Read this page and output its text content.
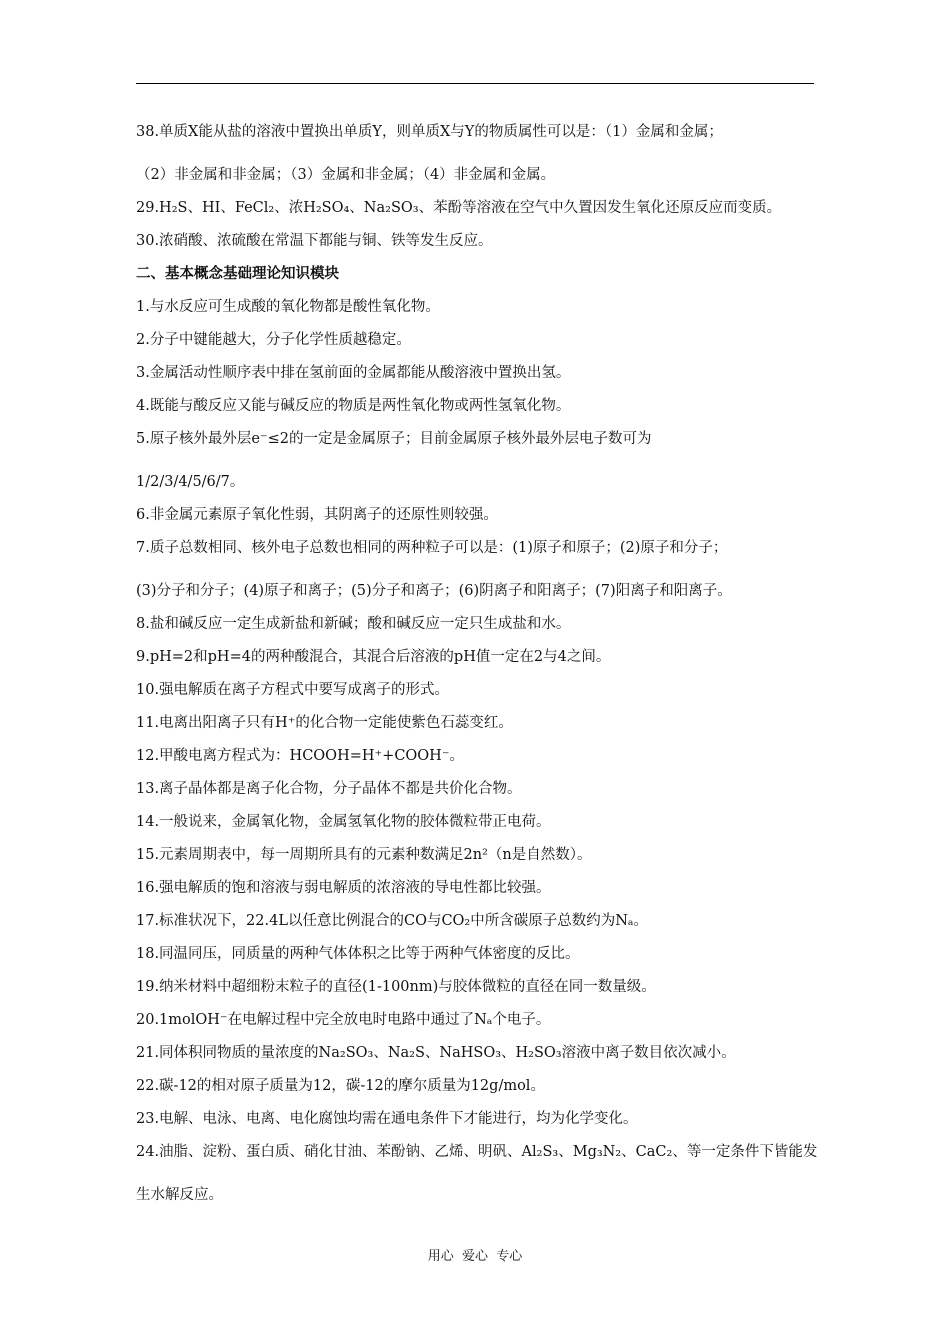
38.单质X能从盐的溶液中置换出单质Y，则单质X与Y的物质属性可以是：（1）金属和金属；
（2）非金属和非金属；（3）金属和非金属；（4）非金属和金属。
29.H₂S、HI、FeCl₂、浓H₂SO₄、Na₂SO₃、苯酚等溶液在空气中久置因发生氧化还原反应而变质。
30.浓硝酸、浓硫酸在常温下都能与铜、铁等发生反应。
二、基本概念基础理论知识模块
1.与水反应可生成酸的氧化物都是酸性氧化物。
2.分子中键能越大，分子化学性质越稳定。
3.金属活动性顺序表中排在氢前面的金属都能从酸溶液中置换出氢。
4.既能与酸反应又能与碱反应的物质是两性氧化物或两性氢氧化物。
5.原子核外最外层e⁻≤2的一定是金属原子；目前金属原子核外最外层电子数可为
1/2/3/4/5/6/7。
6.非金属元素原子氧化性弱，其阴离子的还原性则较强。
7.质子总数相同、核外电子总数也相同的两种粒子可以是：(1)原子和原子；(2)原子和分子；
(3)分子和分子；(4)原子和离子；(5)分子和离子；(6)阴离子和阳离子；(7)阳离子和阳离子。
8.盐和碱反应一定生成新盐和新碱；酸和碱反应一定只生成盐和水。
9.pH=2和pH=4的两种酸混合，其混合后溶液的pH值一定在2与4之间。
10.强电解质在离子方程式中要写成离子的形式。
11.电离出阳离子只有H⁺的化合物一定能使紫色石蕊变红。
12.甲酸电离方程式为：HCOOH=H⁺+COOH⁻。
13.离子晶体都是离子化合物，分子晶体不都是共价化合物。
14.一般说来，金属氧化物，金属氢氧化物的胶体微粒带正电荷。
15.元素周期表中，每一周期所具有的元素种数满足2n²（n是自然数）。
16.强电解质的饱和溶液与弱电解质的浓溶液的导电性都比较强。
17.标准状况下，22.4L以任意比例混合的CO与CO₂中所含碳原子总数约为Nₐ。
18.同温同压，同质量的两种气体体积之比等于两种气体密度的反比。
19.纳米材料中超细粉末粒子的直径(1-100nm)与胶体微粒的直径在同一数量级。
20.1molOH⁻在电解过程中完全放电时电路中通过了Nₐ个电子。
21.同体积同物质的量浓度的Na₂SO₃、Na₂S、NaHSO₃、H₂SO₃溶液中离子数目依次减小。
22.碳-12的相对原子质量为12，碳-12的摩尔质量为12g/mol。
23.电解、电泳、电离、电化腐蚀均需在通电条件下才能进行，均为化学变化。
24.油脂、淀粉、蛋白质、硝化甘油、苯酚钠、乙烯、明矾、Al₂S₃、Mg₃N₂、CaC₂、等一定条件下皆能发
生水解反应。
用心  爱心  专心
